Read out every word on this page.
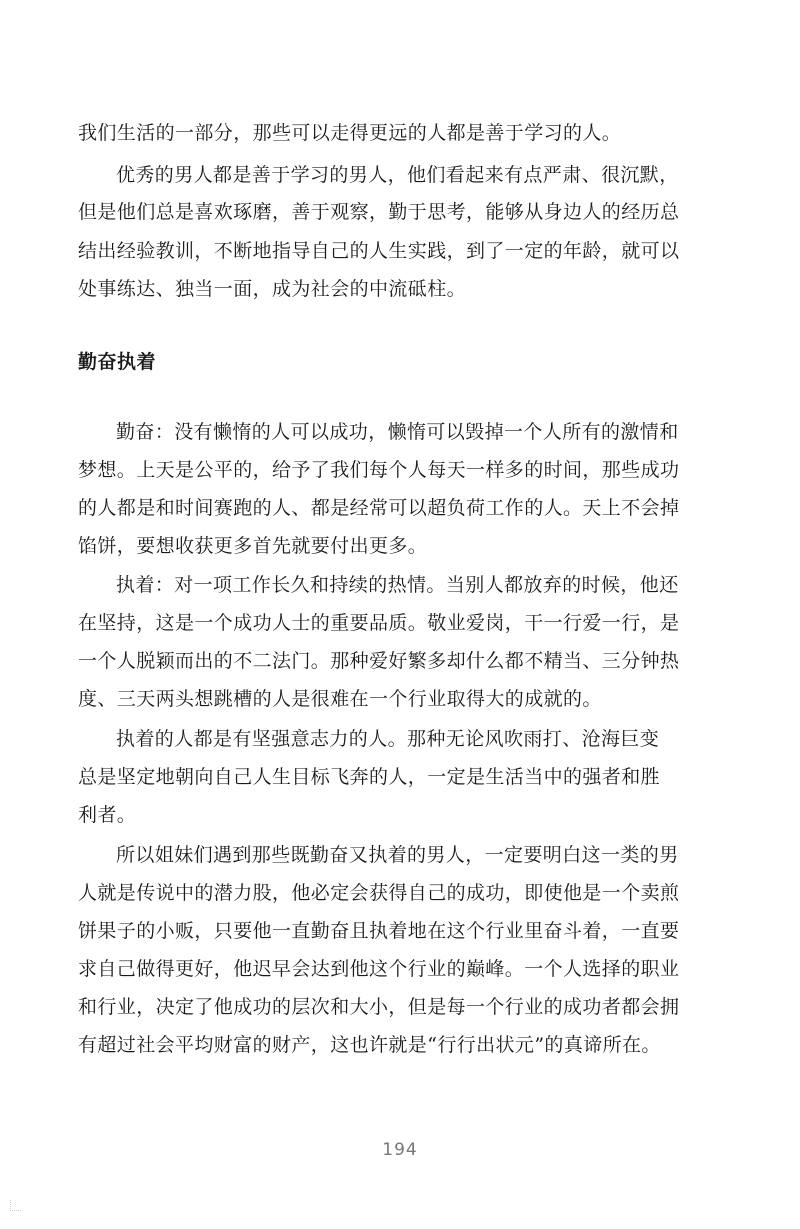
我们生活的一部分，那些可以走得更远的人都是善于学习的人。
优秀的男人都是善于学习的男人，他们看起来有点严肃、很沉默，
但是他们总是喜欢琢磨，善于观察，勤于思考，能够从身边人的经历总
结出经验教训，不断地指导自己的人生实践，到了一定的年龄，就可以
处事练达、独当一面，成为社会的中流砥柱。
勤奋执着
勤奋：没有懒惰的人可以成功，懒惰可以毁掉一个人所有的激情和
梦想。上天是公平的，给予了我们每个人每天一样多的时间，那些成功
的人都是和时间赛跑的人、都是经常可以超负荷工作的人。天上不会掉
馅饼，要想收获更多首先就要付出更多。
执着：对一项工作长久和持续的热情。当别人都放弃的时候，他还
在坚持，这是一个成功人士的重要品质。敬业爱岗，干一行爱一行，是
一个人脱颖而出的不二法门。那种爱好繁多却什么都不精当、三分钟热
度、三天两头想跳槽的人是很难在一个行业取得大的成就的。
执着的人都是有坚强意志力的人。那种无论风吹雨打、沧海巨变
总是坚定地朝向自己人生目标飞奔的人，一定是生活当中的强者和胜
利者。
所以姐妹们遇到那些既勤奋又执着的男人，一定要明白这一类的男
人就是传说中的潜力股，他必定会获得自己的成功，即使他是一个卖煎
饼果子的小贩，只要他一直勤奋且执着地在这个行业里奋斗着，一直要
求自己做得更好，他迟早会达到他这个行业的巅峰。一个人选择的职业
和行业，决定了他成功的层次和大小，但是每一个行业的成功者都会拥
有超过社会平均财富的财产，这也许就是“行行出状元”的真谛所在。
194
